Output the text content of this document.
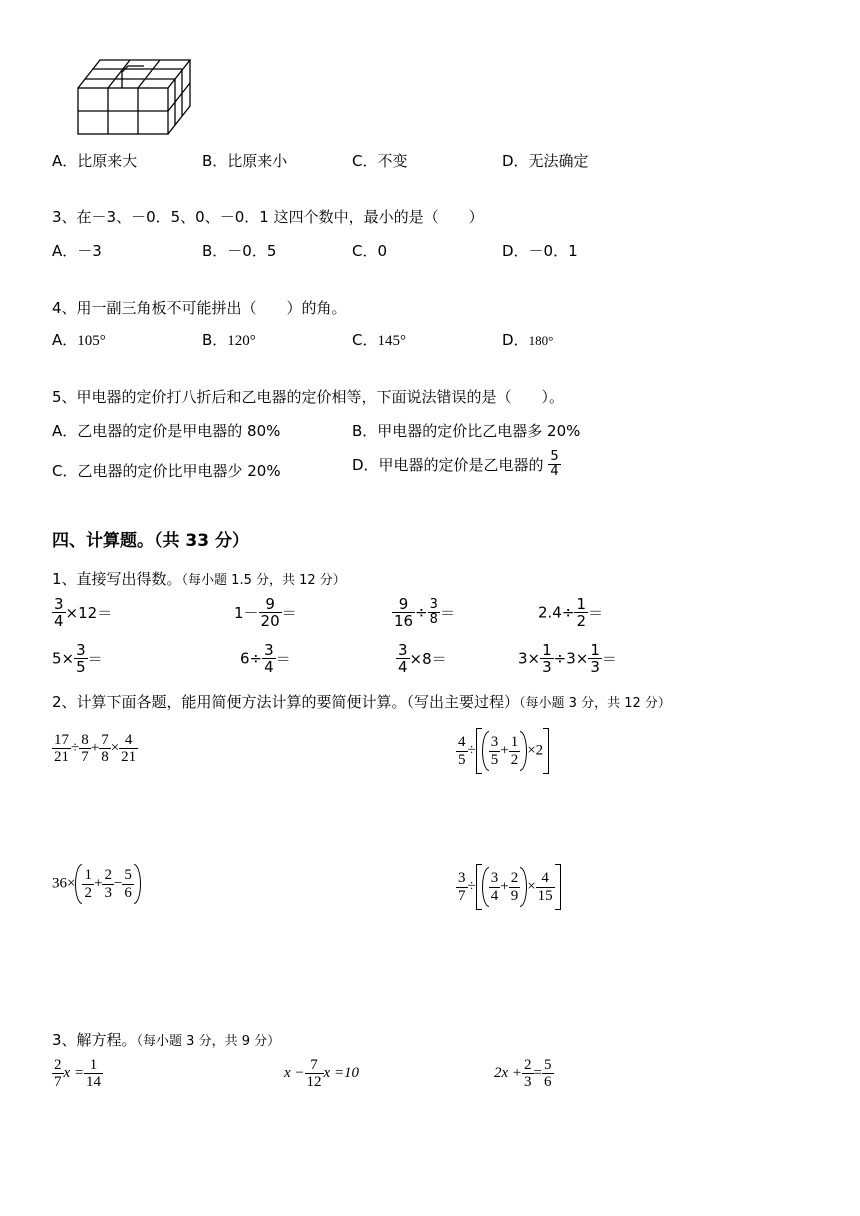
A．比原来大	B．比原来小	C．不变	D．无法确定
3、在－3、－0．5、0、－0．1 这四个数中，最小的是（　　）
A．－3	B．－0．5	C．0	D．－0．1
4、用一副三角板不可能拼出（　　）的角。
A．105°	B．120°	C．145°	D．180°
5、甲电器的定价打八折后和乙电器的定价相等，下面说法错误的是（　　）。
A．乙电器的定价是甲电器的 80%	B．甲电器的定价比乙电器多 20%
C．乙电器的定价比甲电器少 20%	D．甲电器的定价是乙电器的 $\frac{5}{4}$
四、计算题。（共 33 分）
1、直接写出得数。（每小题 1.5 分，共 12 分）
$\frac{3}{4} \times 12=$	$1- \frac{9}{20}$ ＝	$\frac{9}{16} \div \frac{3}{8}$ ＝	$2.4\div \frac{1}{2}$ ＝
$5\times \frac{3}{5}$ ＝	$6\div \frac{3}{4}$ ＝	$\frac{3}{4} \times 8=$	$3\times \frac{1}{3} \div 3\times \frac{1}{3}$ ＝
2、计算下面各题，能用简便方法计算的要简便计算。（写出主要过程）（每小题 3 分，共 12 分）
$\frac{17}{21} \div \frac{8}{7} + \frac{7}{8} \times \frac{4}{21}$	$\frac{4}{5} \div \frac{3}{5} + \frac{1}{2} \times 2$
$36\times \frac{1}{2} + \frac{2}{3} - \frac{5}{6}$	$\frac{3}{7} \div \frac{3}{4} + \frac{2}{9} \times \frac{4}{15}$
3、解方程。（每小题 3 分，共 9 分）
$\frac{2}{7}$ $x = \frac{1}{14}$	$x - \frac{7}{12}$ x =10	$2x + \frac{2}{3} = \frac{5}{6}$
